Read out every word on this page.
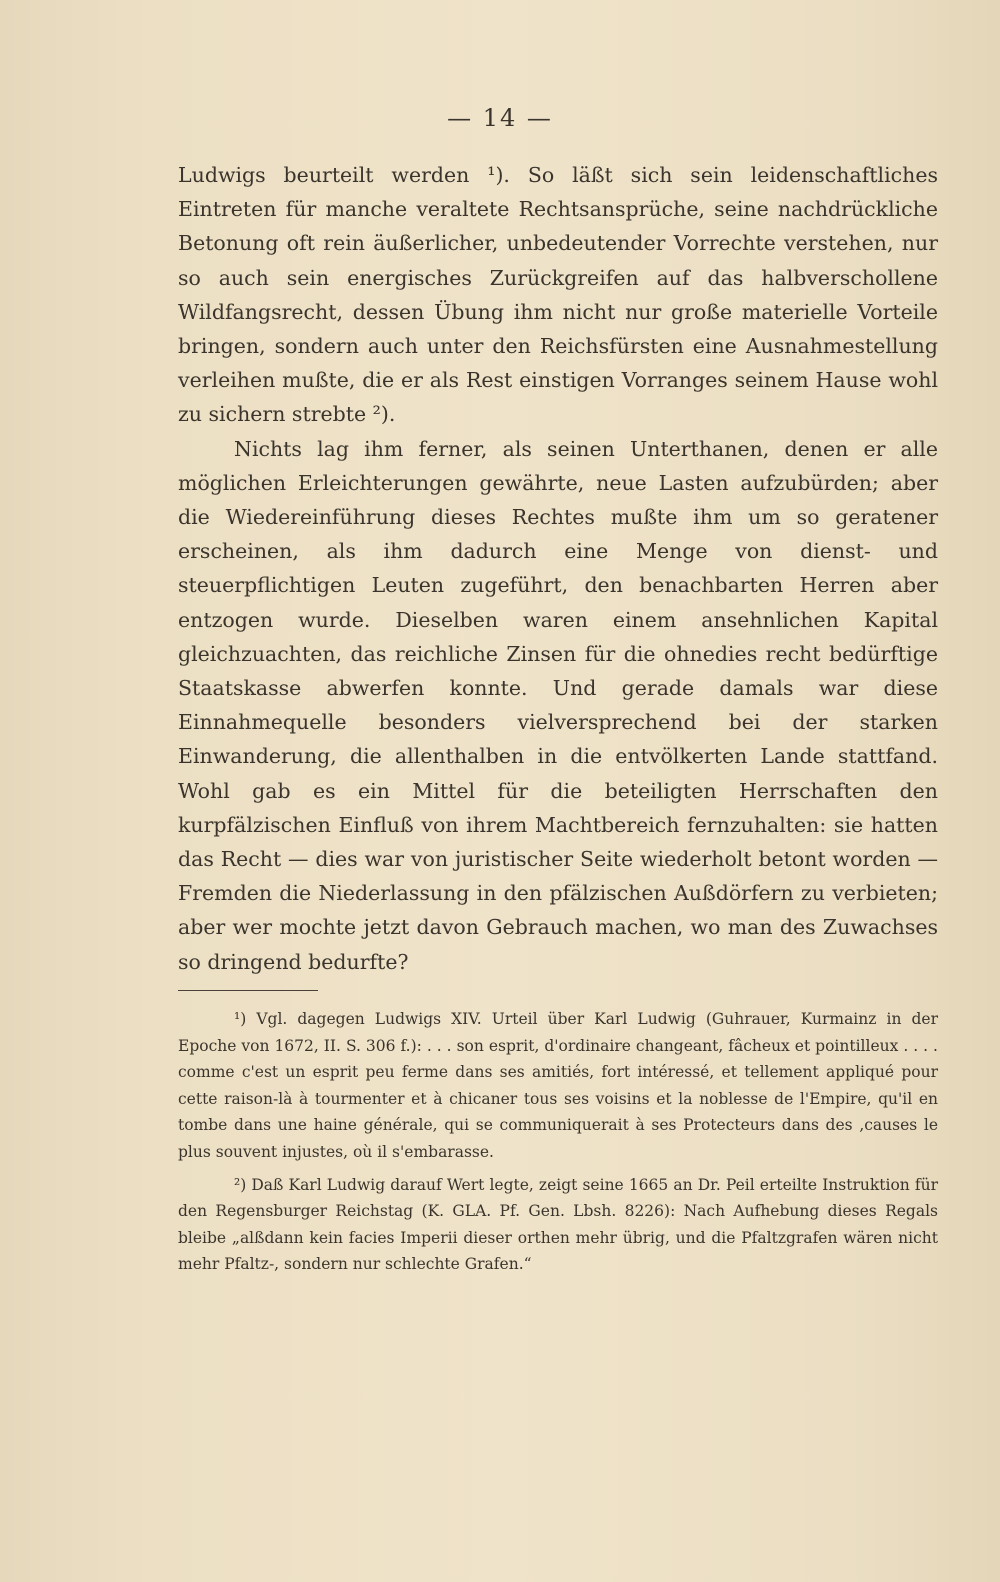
— 14 —

Ludwigs beurteilt werden ¹). So läßt sich sein leidenschaftliches Eintreten für manche veraltete Rechtsansprüche, seine nachdrückliche Betonung oft rein äußerlicher, unbedeutender Vorrechte verstehen, nur so auch sein energisches Zurückgreifen auf das halbverschollene Wildfangsrecht, dessen Übung ihm nicht nur große materielle Vorteile bringen, sondern auch unter den Reichsfürsten eine Ausnahmestellung verleihen mußte, die er als Rest einstigen Vorranges seinem Hause wohl zu sichern strebte ²).

Nichts lag ihm ferner, als seinen Unterthanen, denen er alle möglichen Erleichterungen gewährte, neue Lasten aufzubürden; aber die Wiedereinführung dieses Rechtes mußte ihm um so geratener erscheinen, als ihm dadurch eine Menge von dienst- und steuerpflichtigen Leuten zugeführt, den benachbarten Herren aber entzogen wurde. Dieselben waren einem ansehnlichen Kapital gleichzuachten, das reichliche Zinsen für die ohnedies recht bedürftige Staatskasse abwerfen konnte. Und gerade damals war diese Einnahmequelle besonders vielversprechend bei der starken Einwanderung, die allenthalben in die entvölkerten Lande stattfand. Wohl gab es ein Mittel für die beteiligten Herrschaften den kurpfälzischen Einfluß von ihrem Machtbereich fernzuhalten: sie hatten das Recht — dies war von juristischer Seite wiederholt betont worden — Fremden die Niederlassung in den pfälzischen Außdörfern zu verbieten; aber wer mochte jetzt davon Gebrauch machen, wo man des Zuwachses so dringend bedurfte?

¹) Vgl. dagegen Ludwigs XIV. Urteil über Karl Ludwig (Guhrauer, Kurmainz in der Epoche von 1672, II. S. 306 f.): . . . son esprit, d'ordinaire changeant, fâcheux et pointilleux . . . . comme c'est un esprit peu ferme dans ses amitiés, fort intéressé, et tellement appliqué pour cette raison-là à tourmenter et à chicaner tous ses voisins et la noblesse de l'Empire, qu'il en tombe dans une haine générale, qui se communiquerait à ses Protecteurs dans des ‚causes le plus souvent injustes, où il s'embarasse.

²) Daß Karl Ludwig darauf Wert legte, zeigt seine 1665 an Dr. Peil erteilte Instruktion für den Regensburger Reichstag (K. GLA. Pf. Gen. Lbsh. 8226): Nach Aufhebung dieses Regals bleibe „alßdann kein facies Imperii dieser orthen mehr übrig, und die Pfaltzgrafen wären nicht mehr Pfaltz-, sondern nur schlechte Grafen.“
